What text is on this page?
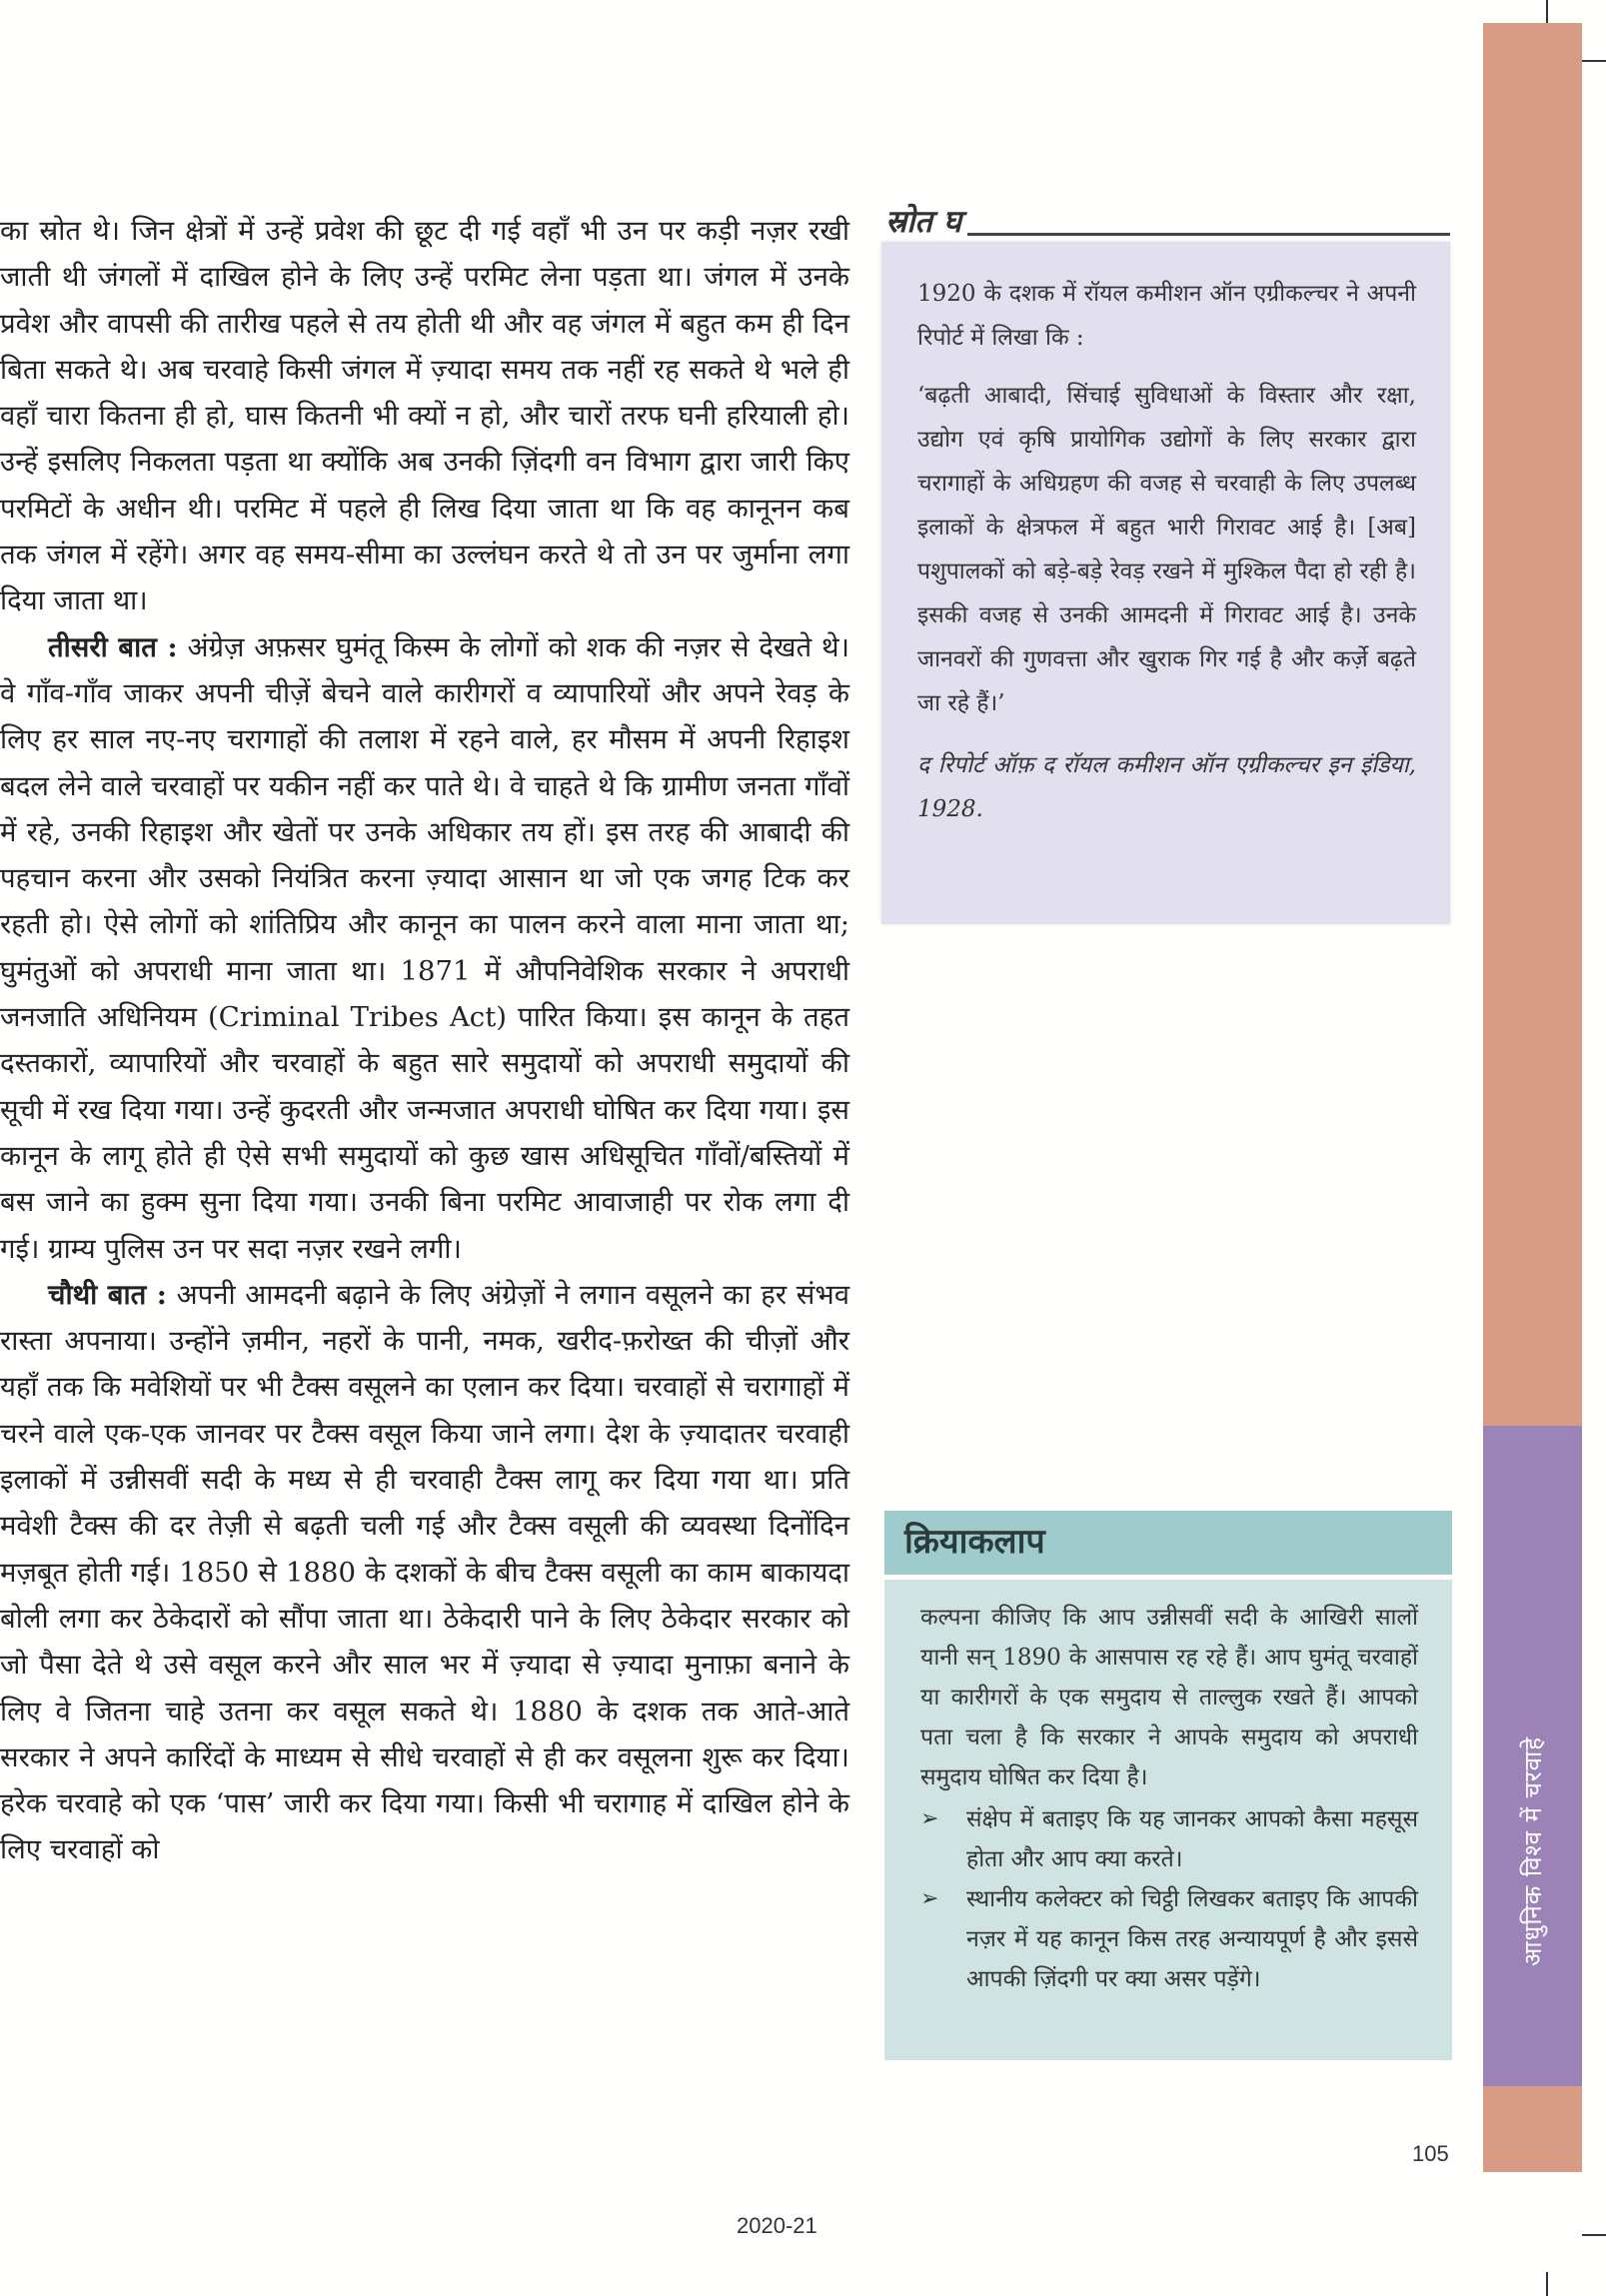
आधुनिक विश्व में चरवाहे

का स्रोत थे। जिन क्षेत्रों में उन्हें प्रवेश की छूट दी गई वहाँ भी उन पर कड़ी नज़र रखी जाती थी जंगलों में दाखिल होने के लिए उन्हें परमिट लेना पड़ता था। जंगल में उनके प्रवेश और वापसी की तारीख पहले से तय होती थी और वह जंगल में बहुत कम ही दिन बिता सकते थे। अब चरवाहे किसी जंगल में ज़्यादा समय तक नहीं रह सकते थे भले ही वहाँ चारा कितना ही हो, घास कितनी भी क्यों न हो, और चारों तरफ घनी हरियाली हो। उन्हें इसलिए निकलता पड़ता था क्योंकि अब उनकी ज़िंदगी वन विभाग द्वारा जारी किए परमिटों के अधीन थी। परमिट में पहले ही लिख दिया जाता था कि वह कानूनन कब तक जंगल में रहेंगे। अगर वह समय-सीमा का उल्लंघन करते थे तो उन पर जुर्माना लगा दिया जाता था।

तीसरी बात : अंग्रेज़ अफ़सर घुमंतू किस्म के लोगों को शक की नज़र से देखते थे। वे गाँव-गाँव जाकर अपनी चीज़ें बेचने वाले कारीगरों व व्यापारियों और अपने रेवड़ के लिए हर साल नए-नए चरागाहों की तलाश में रहने वाले, हर मौसम में अपनी रिहाइश बदल लेने वाले चरवाहों पर यकीन नहीं कर पाते थे। वे चाहते थे कि ग्रामीण जनता गाँवों में रहे, उनकी रिहाइश और खेतों पर उनके अधिकार तय हों। इस तरह की आबादी की पहचान करना और उसको नियंत्रित करना ज़्यादा आसान था जो एक जगह टिक कर रहती हो। ऐसे लोगों को शांतिप्रिय और कानून का पालन करने वाला माना जाता था; घुमंतुओं को अपराधी माना जाता था। 1871 में औपनिवेशिक सरकार ने अपराधी जनजाति अधिनियम (Criminal Tribes Act) पारित किया। इस कानून के तहत दस्तकारों, व्यापारियों और चरवाहों के बहुत सारे समुदायों को अपराधी समुदायों की सूची में रख दिया गया। उन्हें कुदरती और जन्मजात अपराधी घोषित कर दिया गया। इस कानून के लागू होते ही ऐसे सभी समुदायों को कुछ खास अधिसूचित गाँवों/बस्तियों में बस जाने का हुक्म सुना दिया गया। उनकी बिना परमिट आवाजाही पर रोक लगा दी गई। ग्राम्य पुलिस उन पर सदा नज़र रखने लगी।

चौथी बात : अपनी आमदनी बढ़ाने के लिए अंग्रेज़ों ने लगान वसूलने का हर संभव रास्ता अपनाया। उन्होंने ज़मीन, नहरों के पानी, नमक, खरीद-फ़रोख्त की चीज़ों और यहाँ तक कि मवेशियों पर भी टैक्स वसूलने का एलान कर दिया। चरवाहों से चरागाहों में चरने वाले एक-एक जानवर पर टैक्स वसूल किया जाने लगा। देश के ज़्यादातर चरवाही इलाकों में उन्नीसवीं सदी के मध्य से ही चरवाही टैक्स लागू कर दिया गया था। प्रति मवेशी टैक्स की दर तेज़ी से बढ़ती चली गई और टैक्स वसूली की व्यवस्था दिनोंदिन मज़बूत होती गई। 1850 से 1880 के दशकों के बीच टैक्स वसूली का काम बाकायदा बोली लगा कर ठेकेदारों को सौंपा जाता था। ठेकेदारी पाने के लिए ठेकेदार सरकार को जो पैसा देते थे उसे वसूल करने और साल भर में ज़्यादा से ज़्यादा मुनाफ़ा बनाने के लिए वे जितना चाहे उतना कर वसूल सकते थे। 1880 के दशक तक आते-आते सरकार ने अपने कारिंदों के माध्यम से सीधे चरवाहों से ही कर वसूलना शुरू कर दिया। हरेक चरवाहे को एक ‘पास’ जारी कर दिया गया। किसी भी चरागाह में दाखिल होने के लिए चरवाहों को

स्रोत घ

1920 के दशक में रॉयल कमीशन ऑन एग्रीकल्चर ने अपनी रिपोर्ट में लिखा कि :

‘बढ़ती आबादी, सिंचाई सुविधाओं के विस्तार और रक्षा, उद्योग एवं कृषि प्रायोगिक उद्योगों के लिए सरकार द्वारा चरागाहों के अधिग्रहण की वजह से चरवाही के लिए उपलब्ध इलाकों के क्षेत्रफल में बहुत भारी गिरावट आई है। [अब] पशुपालकों को बड़े-बड़े रेवड़ रखने में मुश्किल पैदा हो रही है। इसकी वजह से उनकी आमदनी में गिरावट आई है। उनके जानवरों की गुणवत्ता और खुराक गिर गई है और कर्ज़े बढ़ते जा रहे हैं।’

द रिपोर्ट ऑफ़ द रॉयल कमीशन ऑन एग्रीकल्चर इन इंडिया, 1928.

क्रियाकलाप

कल्पना कीजिए कि आप उन्नीसवीं सदी के आखिरी सालों यानी सन् 1890 के आसपास रह रहे हैं। आप घुमंतू चरवाहों या कारीगरों के एक समुदाय से ताल्लुक रखते हैं। आपको पता चला है कि सरकार ने आपके समुदाय को अपराधी समुदाय घोषित कर दिया है।

➢ संक्षेप में बताइए कि यह जानकर आपको कैसा महसूस होता और आप क्या करते।
➢ स्थानीय कलेक्टर को चिट्ठी लिखकर बताइए कि आपकी नज़र में यह कानून किस तरह अन्यायपूर्ण है और इससे आपकी ज़िंदगी पर क्या असर पड़ेंगे।
105
2020-21
